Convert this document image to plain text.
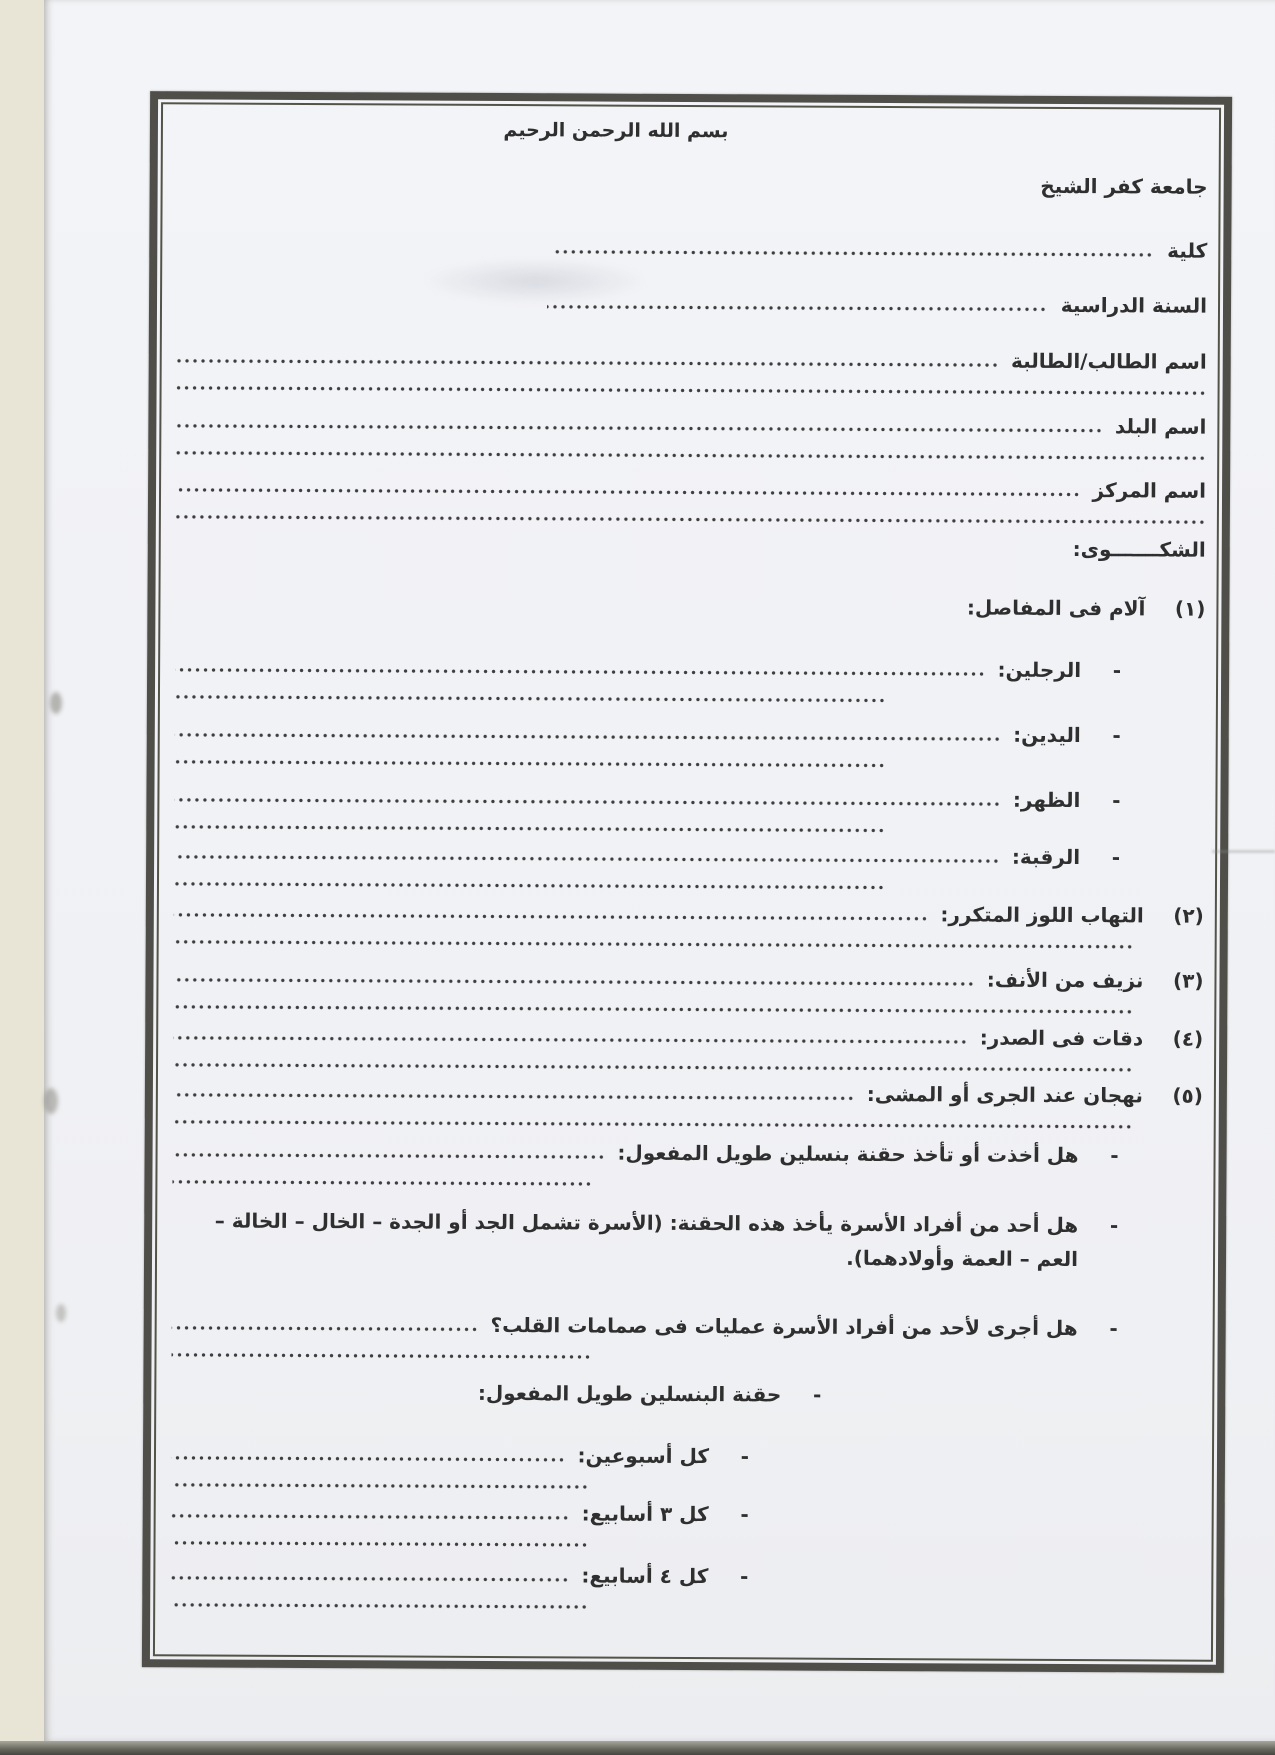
بسم الله الرحمن الرحيم
جامعة كفر الشيخ
كلية
السنة الدراسية
اسم الطالب/الطالبة
اسم البلد
اسم المركز
الشكـــــــوى:
(١)
آلام فى المفاصل:
-
الرجلين:
-
اليدين:
-
الظهر:
-
الرقبة:
(٢)
التهاب اللوز المتكرر:
(٣)
نزيف من الأنف:
(٤)
دقات فى الصدر:
(٥)
نهجان عند الجرى أو المشى:
-
هل أخذت أو تأخذ حقنة بنسلين طويل المفعول:
-
هل أحد من أفراد الأسرة يأخذ هذه الحقنة: (الأسرة تشمل الجد أو الجدة – الخال – الخالة – العم – العمة وأولادهما).
-
هل أجرى لأحد من أفراد الأسرة عمليات فى صمامات القلب؟
-
حقنة البنسلين طويل المفعول:
-
كل أسبوعين:
-
كل ٣ أسابيع:
-
كل ٤ أسابيع:
